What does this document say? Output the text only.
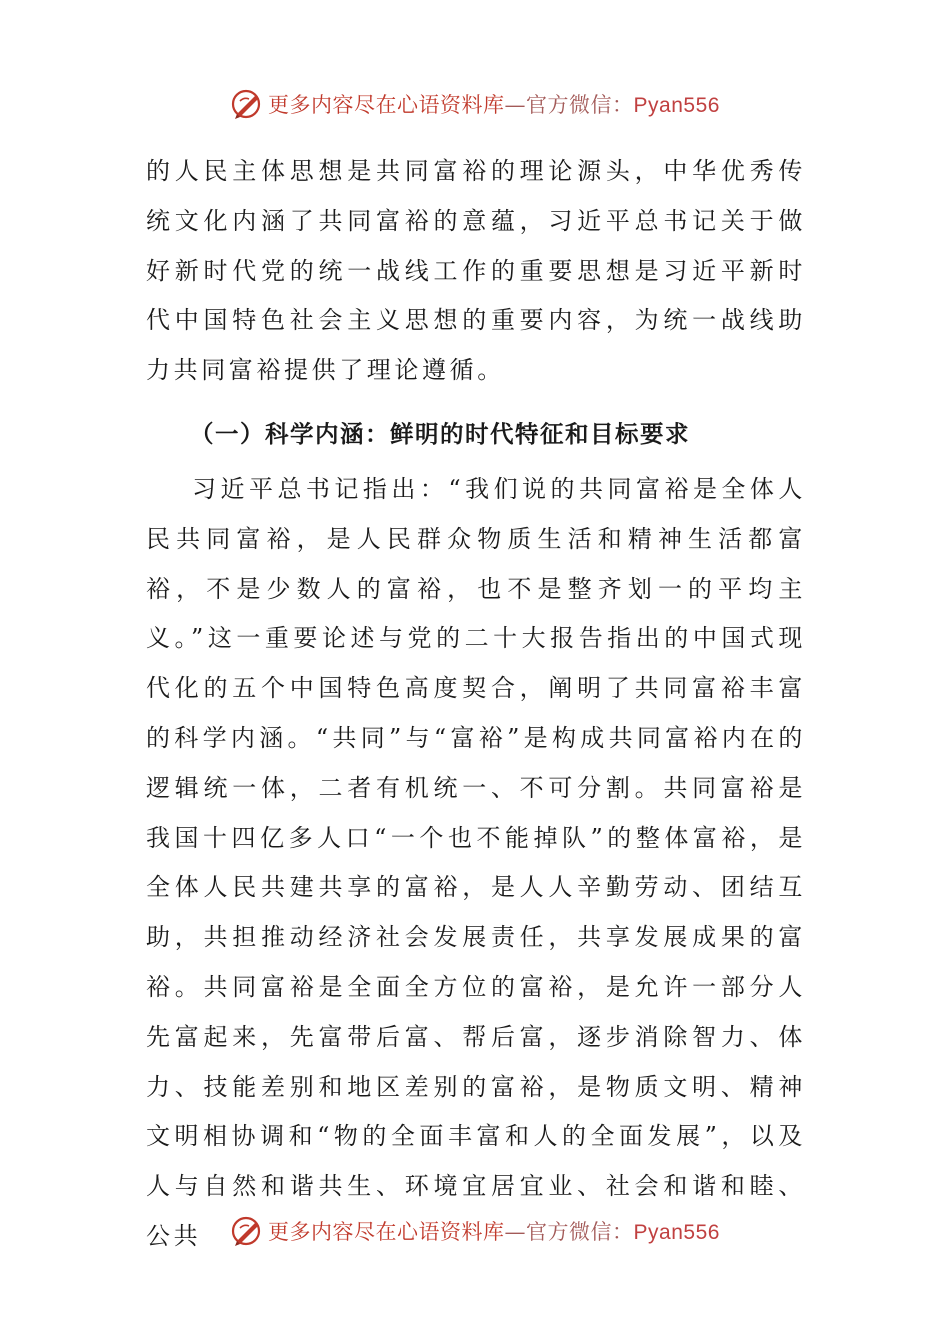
更多内容尽在心语资料库—官方微信：Pyan556

的人民主体思想是共同富裕的理论源头，中华优秀传统文化内涵了共同富裕的意蕴，习近平总书记关于做好新时代党的统一战线工作的重要思想是习近平新时代中国特色社会主义思想的重要内容，为统一战线助力共同富裕提供了理论遵循。

（一）科学内涵：鲜明的时代特征和目标要求

习近平总书记指出：“我们说的共同富裕是全体人民共同富裕，是人民群众物质生活和精神生活都富裕，不是少数人的富裕，也不是整齐划一的平均主义。”这一重要论述与党的二十大报告指出的中国式现代化的五个中国特色高度契合，阐明了共同富裕丰富的科学内涵。“共同”与“富裕”是构成共同富裕内在的逻辑统一体，二者有机统一、不可分割。共同富裕是我国十四亿多人口“一个也不能掉队”的整体富裕，是全体人民共建共享的富裕，是人人辛勤劳动、团结互助，共担推动经济社会发展责任，共享发展成果的富裕。共同富裕是全面全方位的富裕，是允许一部分人先富起来，先富带后富、帮后富，逐步消除智力、体力、技能差别和地区差别的富裕，是物质文明、精神文明相协调和“物的全面丰富和人的全面发展”，以及人与自然和谐共生、环境宜居宜业、社会和谐和睦、公共	更多内容尽在心语资料库—官方微信：Pyan556
